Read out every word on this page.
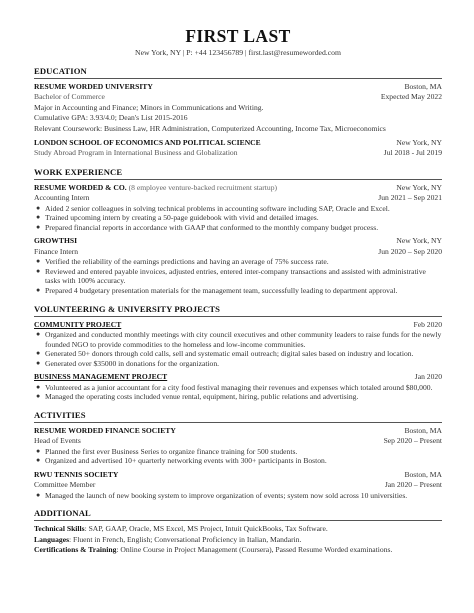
FIRST LAST
New York, NY | P: +44 123456789 | first.last@resumeworded.com
EDUCATION
RESUME WORDED UNIVERSITY	Boston, MA
Bachelor of Commerce	Expected May 2022
Major in Accounting and Finance; Minors in Communications and Writing.
Cumulative GPA: 3.93/4.0; Dean's List 2015-2016
Relevant Coursework: Business Law, HR Administration, Computerized Accounting, Income Tax, Microeconomics
LONDON SCHOOL OF ECONOMICS AND POLITICAL SCIENCE	New York, NY
Study Abroad Program in International Business and Globalization	Jul 2018 - Jul 2019
WORK EXPERIENCE
RESUME WORDED & CO. (8 employee venture-backed recruitment startup)	New York, NY
Accounting Intern	Jun 2021 – Sep 2021
● Aided 2 senior colleagues in solving technical problems in accounting software including SAP, Oracle and Excel.
● Trained upcoming intern by creating a 50-page guidebook with vivid and detailed images.
● Prepared financial reports in accordance with GAAP that conformed to the monthly company budget process.
GROWTHSI	New York, NY
Finance Intern	Jun 2020 – Sep 2020
● Verified the reliability of the earnings predictions and having an average of 75% success rate.
● Reviewed and entered payable invoices, adjusted entries, entered inter-company transactions and assisted with administrative tasks with 100% accuracy.
● Prepared 4 budgetary presentation materials for the management team, successfully leading to department approval.
VOLUNTEERING & UNIVERSITY PROJECTS
COMMUNITY PROJECT	Feb 2020
● Organized and conducted monthly meetings with city council executives and other community leaders to raise funds for the newly founded NGO to provide commodities to the homeless and low-income communities.
● Generated 50+ donors through cold calls, sell and systematic email outreach; digital sales based on industry and location.
● Generated over $35000 in donations for the organization.
BUSINESS MANAGEMENT PROJECT	Jan 2020
● Volunteered as a junior accountant for a city food festival managing their revenues and expenses which totaled around $80,000.
● Managed the operating costs included venue rental, equipment, hiring, public relations and advertising.
ACTIVITIES
RESUME WORDED FINANCE SOCIETY	Boston, MA
Head of Events	Sep 2020 – Present
● Planned the first ever Business Series to organize finance training for 500 students.
● Organized and advertised 10+ quarterly networking events with 300+ participants in Boston.
RWU TENNIS SOCIETY	Boston, MA
Committee Member	Jan 2020 – Present
● Managed the launch of new booking system to improve organization of events; system now sold across 10 universities.
ADDITIONAL
Technical Skills: SAP, GAAP, Oracle, MS Excel, MS Project, Intuit QuickBooks, Tax Software.
Languages: Fluent in French, English; Conversational Proficiency in Italian, Mandarin.
Certifications & Training: Online Course in Project Management (Coursera), Passed Resume Worded examinations.
